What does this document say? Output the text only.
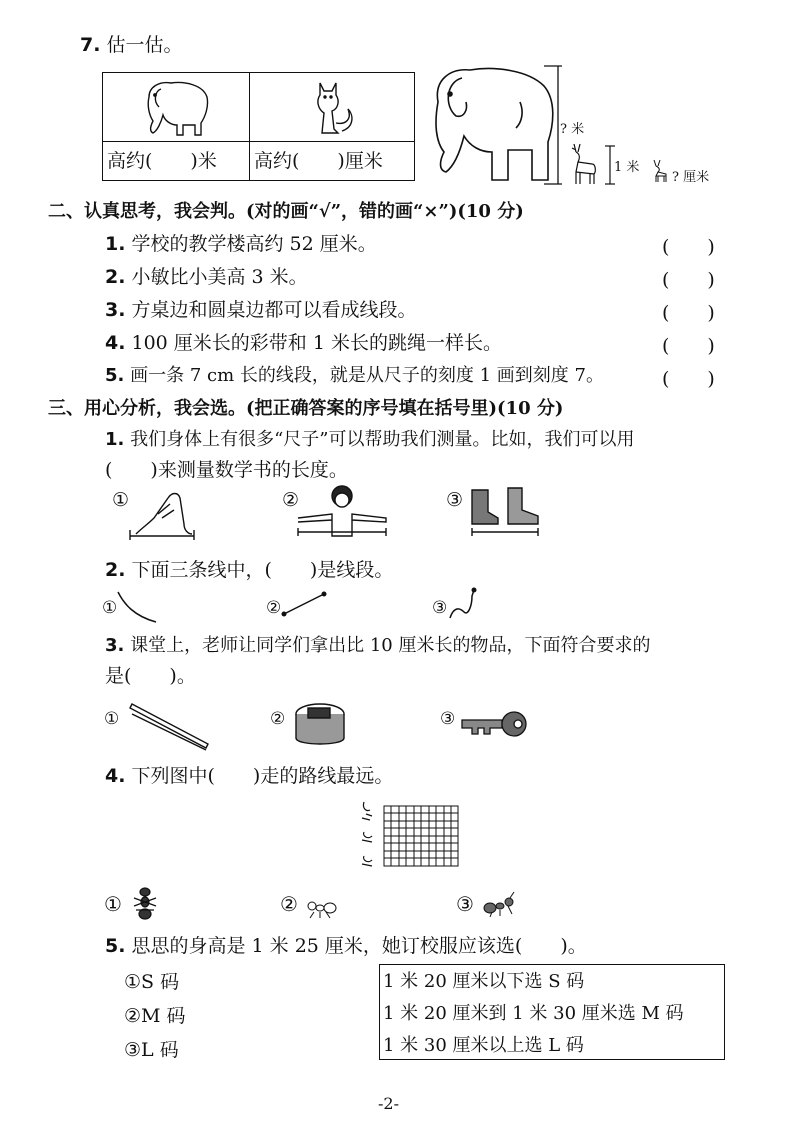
7. 估一估。
高约(　　)米 高约(　　)厘米
? 米
1 米
? 厘米
二、认真思考，我会判。(对的画“√”，错的画“×”)(10 分)
1. 学校的教学楼高约 52 厘米。	(　　)
2. 小敏比小美高 3 米。	(　　)
3. 方桌边和圆桌边都可以看成线段。	(　　)
4. 100 厘米长的彩带和 1 米长的跳绳一样长。	(　　)
5. 画一条 7 cm 长的线段，就是从尺子的刻度 1 画到刻度 7。	(　　)
三、用心分析，我会选。(把正确答案的序号填在括号里)(10 分)
1. 我们身体上有很多“尺子”可以帮助我们测量。比如，我们可以用
(　　)来测量数学书的长度。
①	②	③
2. 下面三条线中，(　　)是线段。
①	②	③
3. 课堂上，老师让同学们拿出比 10 厘米长的物品，下面符合要求的
是(　　)。
①	②	③
4. 下列图中(　　)走的路线最远。
①	②	③
5. 思思的身高是 1 米 25 厘米，她订校服应该选(　　)。
①S 码
②M 码
③L 码
1 米 20 厘米以下选 S 码
1 米 20 厘米到 1 米 30 厘米选 M 码
1 米 30 厘米以上选 L 码
-2-
